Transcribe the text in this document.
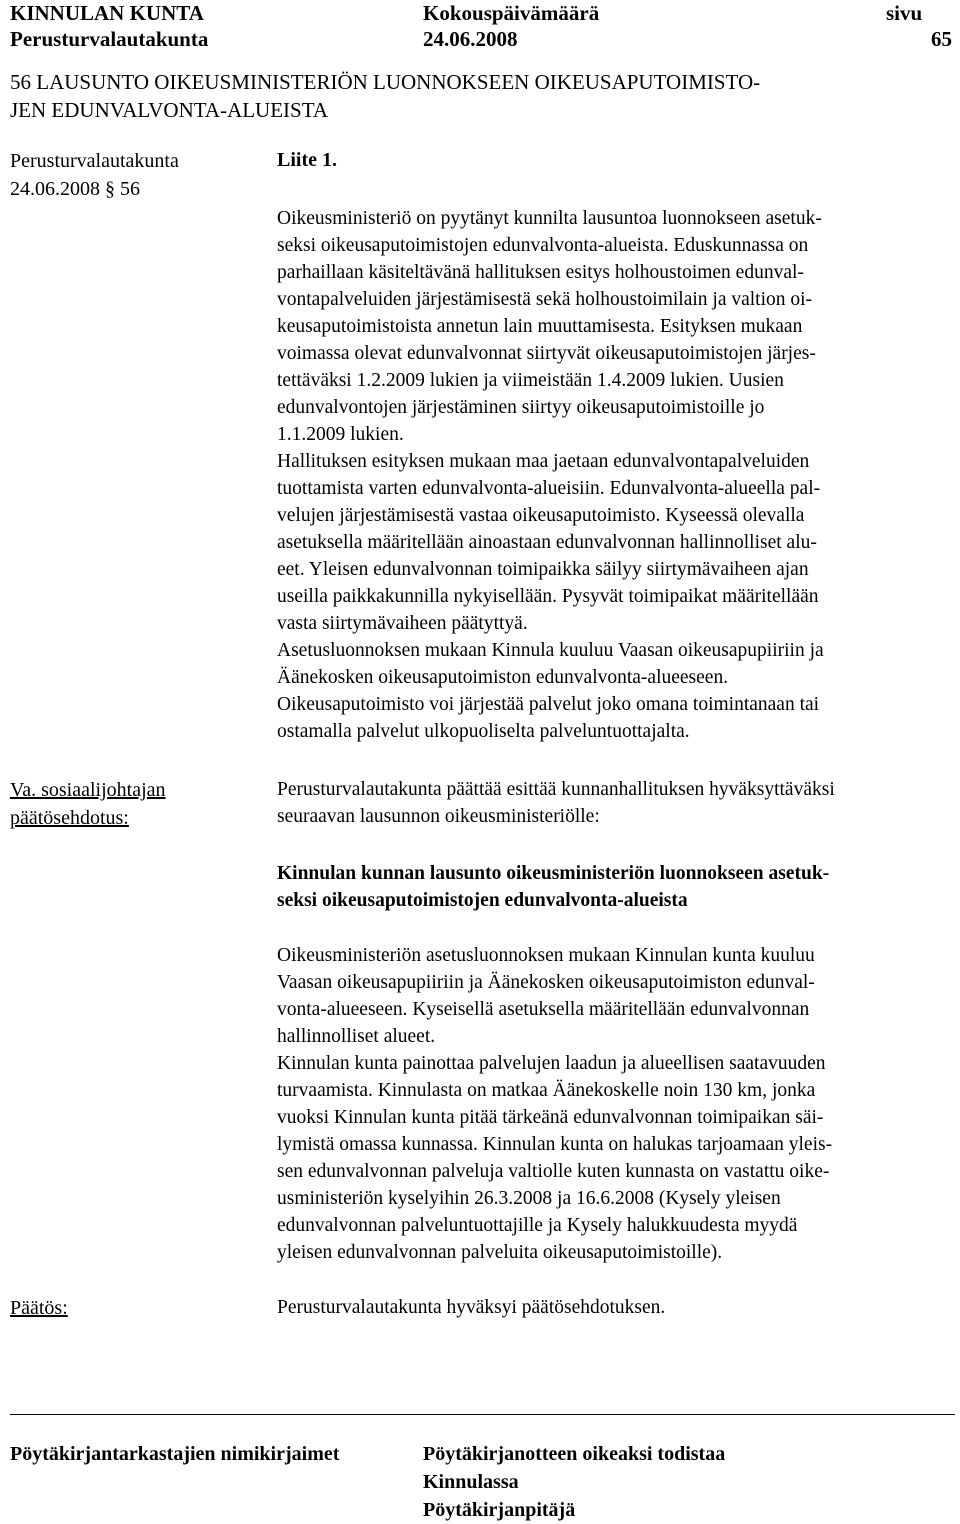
KINNULAN KUNTA	Kokouspäivämäärä	sivu
Perusturvalautakunta	24.06.2008	65
56 LAUSUNTO OIKEUSMINISTERIÖN LUONNOKSEEN OIKEUSAPUTOIMISTO-
JEN EDUNVALVONTA-ALUEISTA
Perusturvalautakunta
24.06.2008 § 56
Va. sosiaalijohtajan
päätösehdotus:
Päätös:
Liite 1.
Oikeusministeriö on pyytänyt kunnilta lausuntoa luonnokseen asetuk-
seksi oikeusaputoimistojen edunvalvonta-alueista. Eduskunnassa on
parhaillaan käsiteltävänä hallituksen esitys holhoustoimen edunval-
vontapalveluiden järjestämisestä sekä holhoustoimilain ja valtion oi-
keusaputoimistoista annetun lain muuttamisesta. Esityksen mukaan
voimassa olevat edunvalvonnat siirtyvät oikeusaputoimistojen järjes-
tettäväksi 1.2.2009 lukien ja viimeistään 1.4.2009 lukien. Uusien
edunvalvontojen järjestäminen siirtyy oikeusaputoimistoille jo
1.1.2009 lukien.
Hallituksen esityksen mukaan maa jaetaan edunvalvontapalveluiden
tuottamista varten edunvalvonta-alueisiin. Edunvalvonta-alueella pal-
velujen järjestämisestä vastaa oikeusaputoimisto. Kyseessä olevalla
asetuksella määritellään ainoastaan edunvalvonnan hallinnolliset alu-
eet. Yleisen edunvalvonnan toimipaikka säilyy siirtymävaiheen ajan
useilla paikkakunnilla nykyisellään. Pysyvät toimipaikat määritellään
vasta siirtymävaiheen päätyttyä.
Asetusluonnoksen mukaan Kinnula kuuluu Vaasan oikeusapupiiriin ja
Äänekosken oikeusaputoimiston edunvalvonta-alueeseen.
Oikeusaputoimisto voi järjestää palvelut joko omana toimintanaan tai
ostamalla palvelut ulkopuoliselta palveluntuottajalta.
Perusturvalautakunta päättää esittää kunnanhallituksen hyväksyttäväksi
seuraavan lausunnon oikeusministeriölle:
Kinnulan kunnan lausunto oikeusministeriön luonnokseen asetuk-
seksi oikeusaputoimistojen edunvalvonta-alueista
Oikeusministeriön asetusluonnoksen mukaan Kinnulan kunta kuuluu
Vaasan oikeusapupiiriin ja Äänekosken oikeusaputoimiston edunval-
vonta-alueeseen. Kyseisellä asetuksella määritellään edunvalvonnan
hallinnolliset alueet.
Kinnulan kunta painottaa palvelujen laadun ja alueellisen saatavuuden
turvaamista. Kinnulasta on matkaa Äänekoskelle noin 130 km, jonka
vuoksi Kinnulan kunta pitää tärkeänä edunvalvonnan toimipaikan säi-
lymistä omassa kunnassa. Kinnulan kunta on halukas tarjoamaan yleis-
sen edunvalvonnan palveluja valtiolle kuten kunnasta on vastattu oike-
usministeriön kyselyihin 26.3.2008 ja 16.6.2008 (Kysely yleisen
edunvalvonnan palveluntuottajille ja Kysely halukkuudesta myydä
yleisen edunvalvonnan palveluita oikeusaputoimistoille).
Perusturvalautakunta hyväksyi päätösehdotuksen.
Pöytäkirjantarkastajien nimikirjaimet	Pöytäkirjanotteen oikeaksi todistaa
Kinnulassa
Pöytäkirjanpitäjä
